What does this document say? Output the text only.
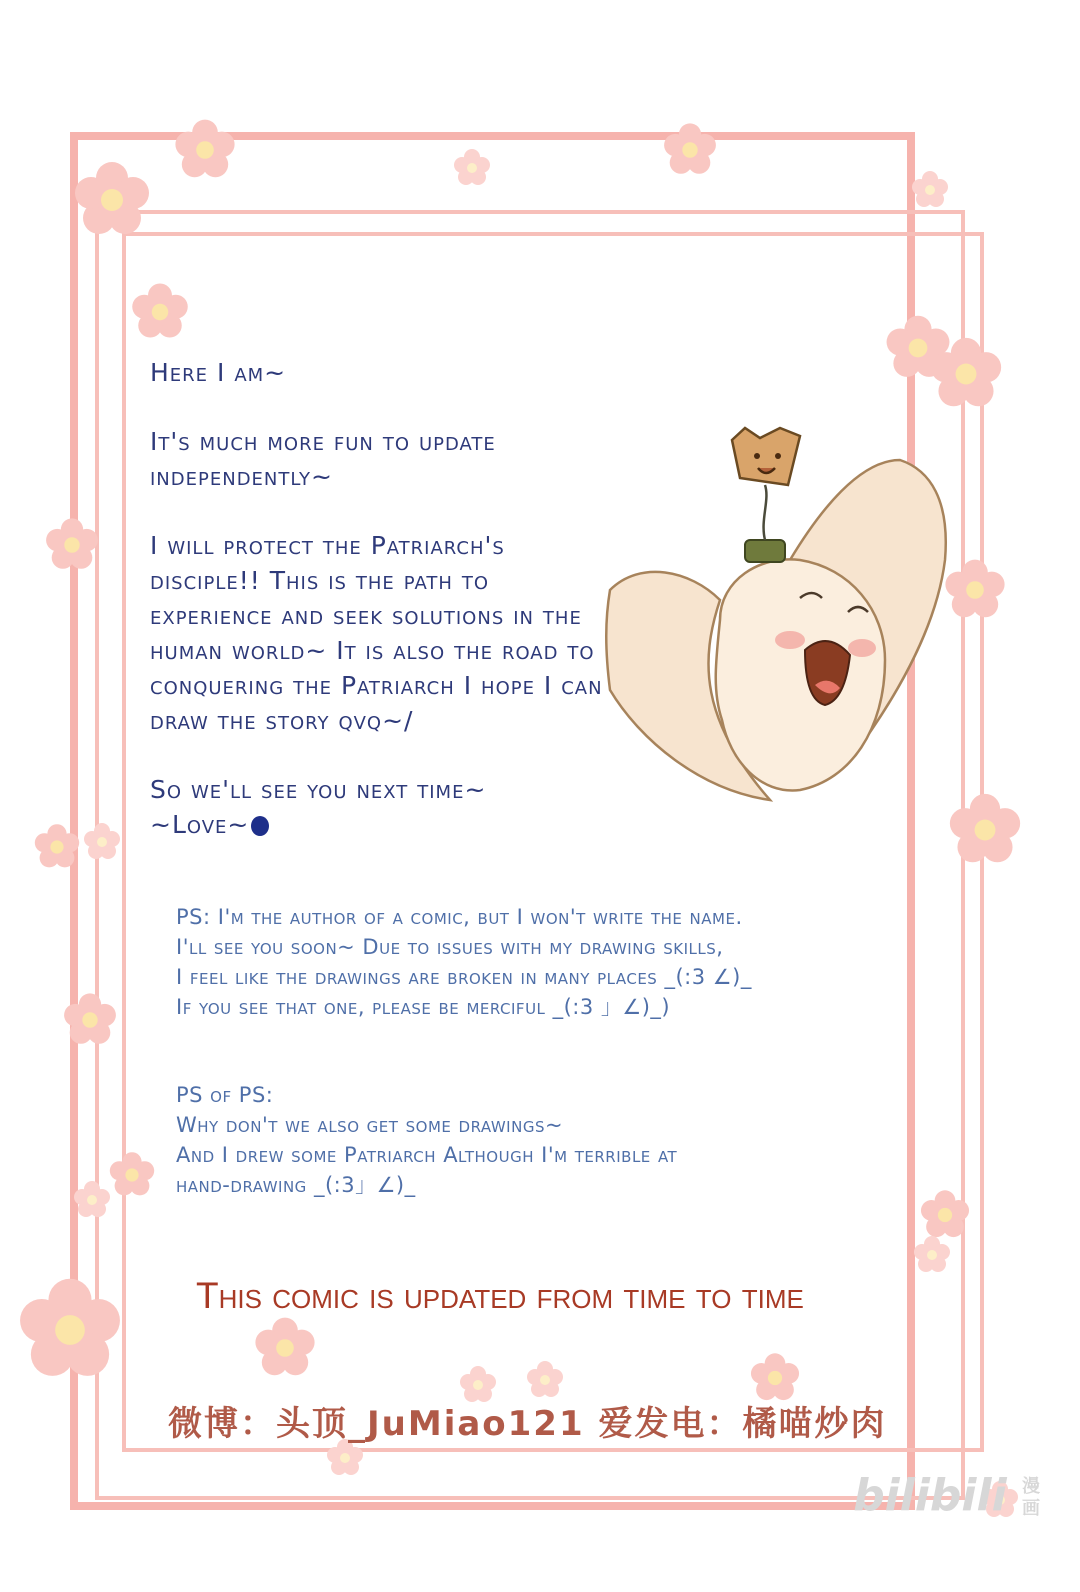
Here I am~

It's much more fun to update independently~

I will protect the Patriarch's disciple!! This is the path to experience and seek solutions in the human world~ It is also the road to conquering the Patriarch I hope I can draw the story qvq~/

So we'll see you next time~

~Love~

PS: I'm the author of a comic, but I won't write the name.

I'll see you soon~ Due to issues with my drawing skills,

I feel like the drawings are broken in many places _(:3 ∠)_

If you see that one, please be merciful _(:3 」∠)_)

PS of PS:

Why don't we also get some drawings~

And I drew some Patriarch Although I'm terrible at

hand-drawing _(:3」∠)_

This comic is updated from time to time
微博：头顶_JuMiao121 爱发电：橘喵炒肉
bilibili 漫画
